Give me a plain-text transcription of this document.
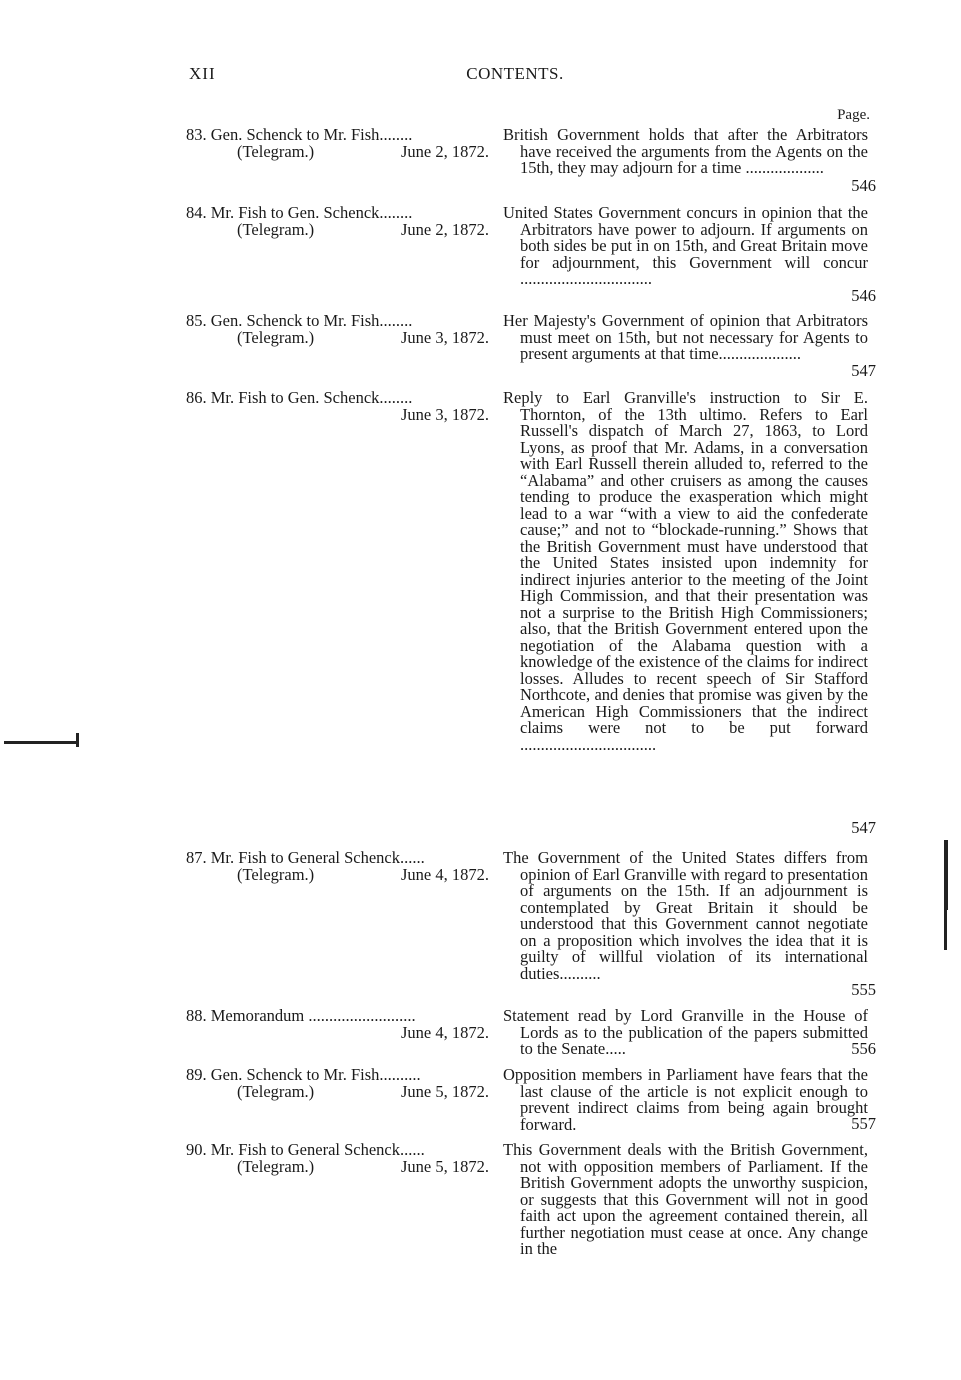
XII	CONTENTS.
Page.
83. Gen. Schenck to Mr. Fish........
(Telegram.)	June 2, 1872.
British Government holds that after the Arbitrators have received the arguments from the Agents on the 15th, they may adjourn for a time ...................
546
84. Mr. Fish to Gen. Schenck........
(Telegram.)	June 2, 1872.
United States Government concurs in opinion that the Arbitrators have power to adjourn. If arguments on both sides be put in on 15th, and Great Britain move for adjournment, this Government will concur ................................
546
85. Gen. Schenck to Mr. Fish........
(Telegram.)	June 3, 1872.
Her Majesty's Government of opinion that Arbitrators must meet on 15th, but not necessary for Agents to present arguments at that time....................
547
86. Mr. Fish to Gen. Schenck........
June 3, 1872.
Reply to Earl Granville's instruction to Sir E. Thornton, of the 13th ultimo. Refers to Earl Russell's dispatch of March 27, 1863, to Lord Lyons, as proof that Mr. Adams, in a conversation with Earl Russell therein alluded to, referred to the “Alabama” and other cruisers as among the causes tending to produce the exasperation which might lead to a war “with a view to aid the confederate cause;” and not to “blockade-running.” Shows that the British Government must have understood that the United States insisted upon indemnity for indirect injuries anterior to the meeting of the Joint High Commission, and that their presentation was not a surprise to the British High Commissioners; also, that the British Government entered upon the negotiation of the Alabama question with a knowledge of the existence of the claims for indirect losses. Alludes to recent speech of Sir Stafford Northcote, and denies that promise was given by the American High Commissioners that the indirect claims were not to be put forward .................................
547
87. Mr. Fish to General Schenck......
(Telegram.)	June 4, 1872.
The Government of the United States differs from opinion of Earl Granville with regard to presentation of arguments on the 15th. If an adjournment is contemplated by Great Britain it should be understood that this Government cannot negotiate on a proposition which involves the idea that it is guilty of willful violation of its international duties..........
555
88. Memorandum ..........................
June 4, 1872.
Statement read by Lord Granville in the House of Lords as to the publication of the papers submitted to the Senate.....	556
89. Gen. Schenck to Mr. Fish..........
(Telegram.)	June 5, 1872.
Opposition members in Parliament have fears that the last clause of the article is not explicit enough to prevent indirect claims from being again brought forward.	557
90. Mr. Fish to General Schenck......
(Telegram.)	June 5, 1872.
This Government deals with the British Government, not with opposition members of Parliament. If the British Government adopts the unworthy suspicion, or suggests that this Government will not in good faith act upon the agreement contained therein, all further negotiation must cease at once. Any change in the
